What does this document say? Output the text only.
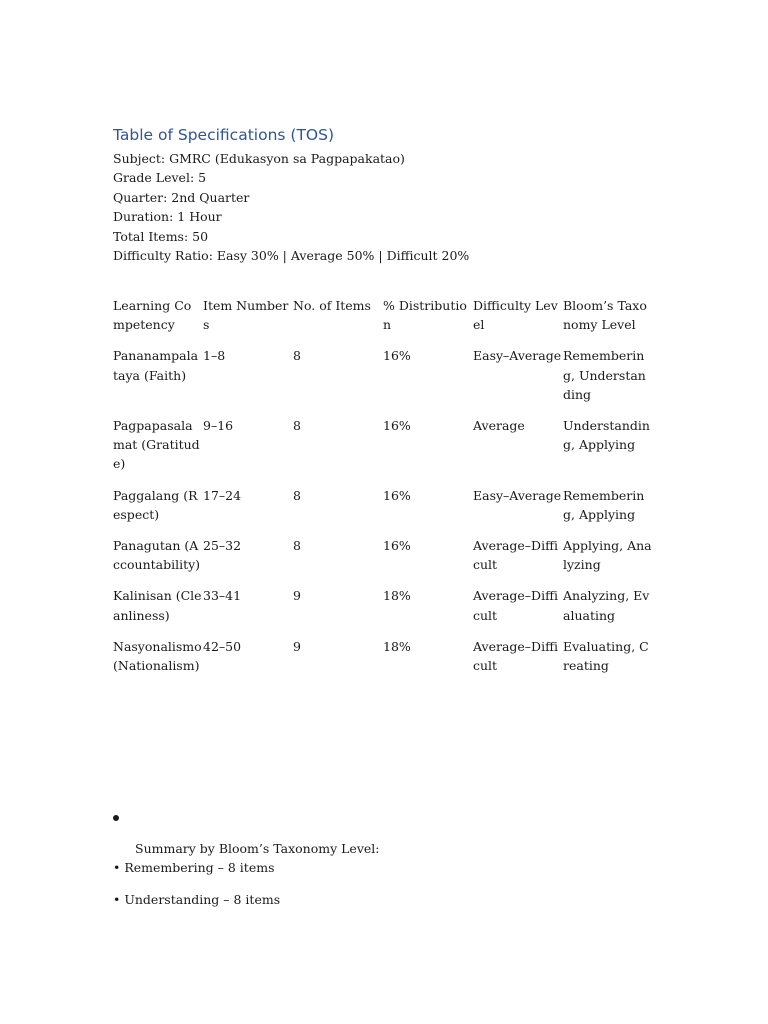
Table of Specifications (TOS)

Subject: GMRC (Edukasyon sa Pagpapakatao)

Grade Level: 5

Quarter: 2nd Quarter

Duration: 1 Hour

Total Items: 50

Difficulty Ratio: Easy 30% | Average 50% | Difficult 20%

Learning Competency	Item Numbers	No. of Items	% Distribution	Difficulty Level	Bloom’s Taxonomy Level
Pananampalataya (Faith)	1–8	8	16%	Easy–Average	Remembering, Understanding
Pagpapasalamat (Gratitude)	9–16	8	16%	Average	Understanding, Applying
Paggalang (Respect)	17–24	8	16%	Easy–Average	Remembering, Applying
Panagutan (Accountability)	25–32	8	16%	Average–Difficult	Applying, Analyzing
Kalinisan (Cleanliness)	33–41	9	18%	Average–Difficult	Analyzing, Evaluating
Nasyonalismo (Nationalism)	42–50	9	18%	Average–Difficult	Evaluating, Creating

Summary by Bloom’s Taxonomy Level:

• Remembering – 8 items
• Understanding – 8 items
